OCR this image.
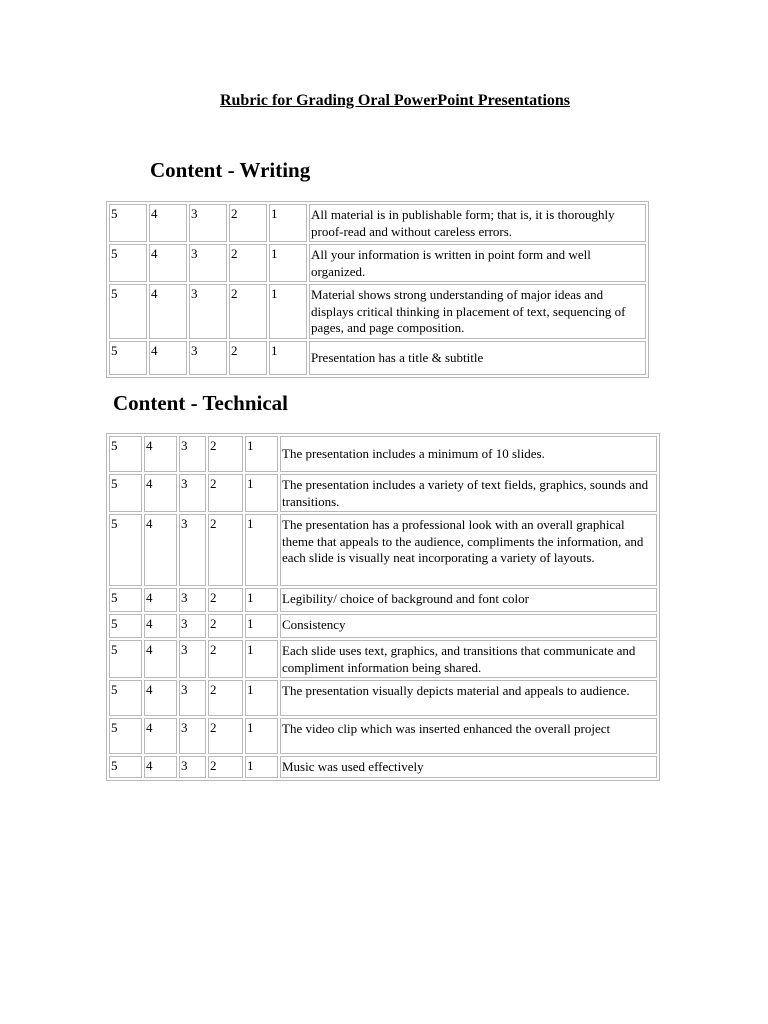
Rubric for Grading Oral PowerPoint Presentations
Content - Writing
5	4	3	2	1	All material is in publishable form; that is, it is thoroughly proof-read and without careless errors.
5	4	3	2	1	All your information is written in point form and well organized.
5	4	3	2	1	Material shows strong understanding of major ideas and displays critical thinking in placement of text, sequencing of pages, and page composition.
5	4	3	2	1	Presentation has a title & subtitle
Content - Technical
5	4	3	2	1	The presentation includes a minimum of 10 slides.
5	4	3	2	1	The presentation includes a variety of text fields, graphics, sounds and transitions.
5	4	3	2	1	The presentation has a professional look with an overall graphical theme that appeals to the audience, compliments the information, and each slide is visually neat incorporating a variety of layouts.
5	4	3	2	1	Legibility/ choice of background and font color
5	4	3	2	1	Consistency
5	4	3	2	1	Each slide uses text, graphics, and transitions that communicate and compliment information being shared.
5	4	3	2	1	The presentation visually depicts material and appeals to audience.
5	4	3	2	1	The video clip which was inserted enhanced the overall project
5	4	3	2	1	Music was used effectively
